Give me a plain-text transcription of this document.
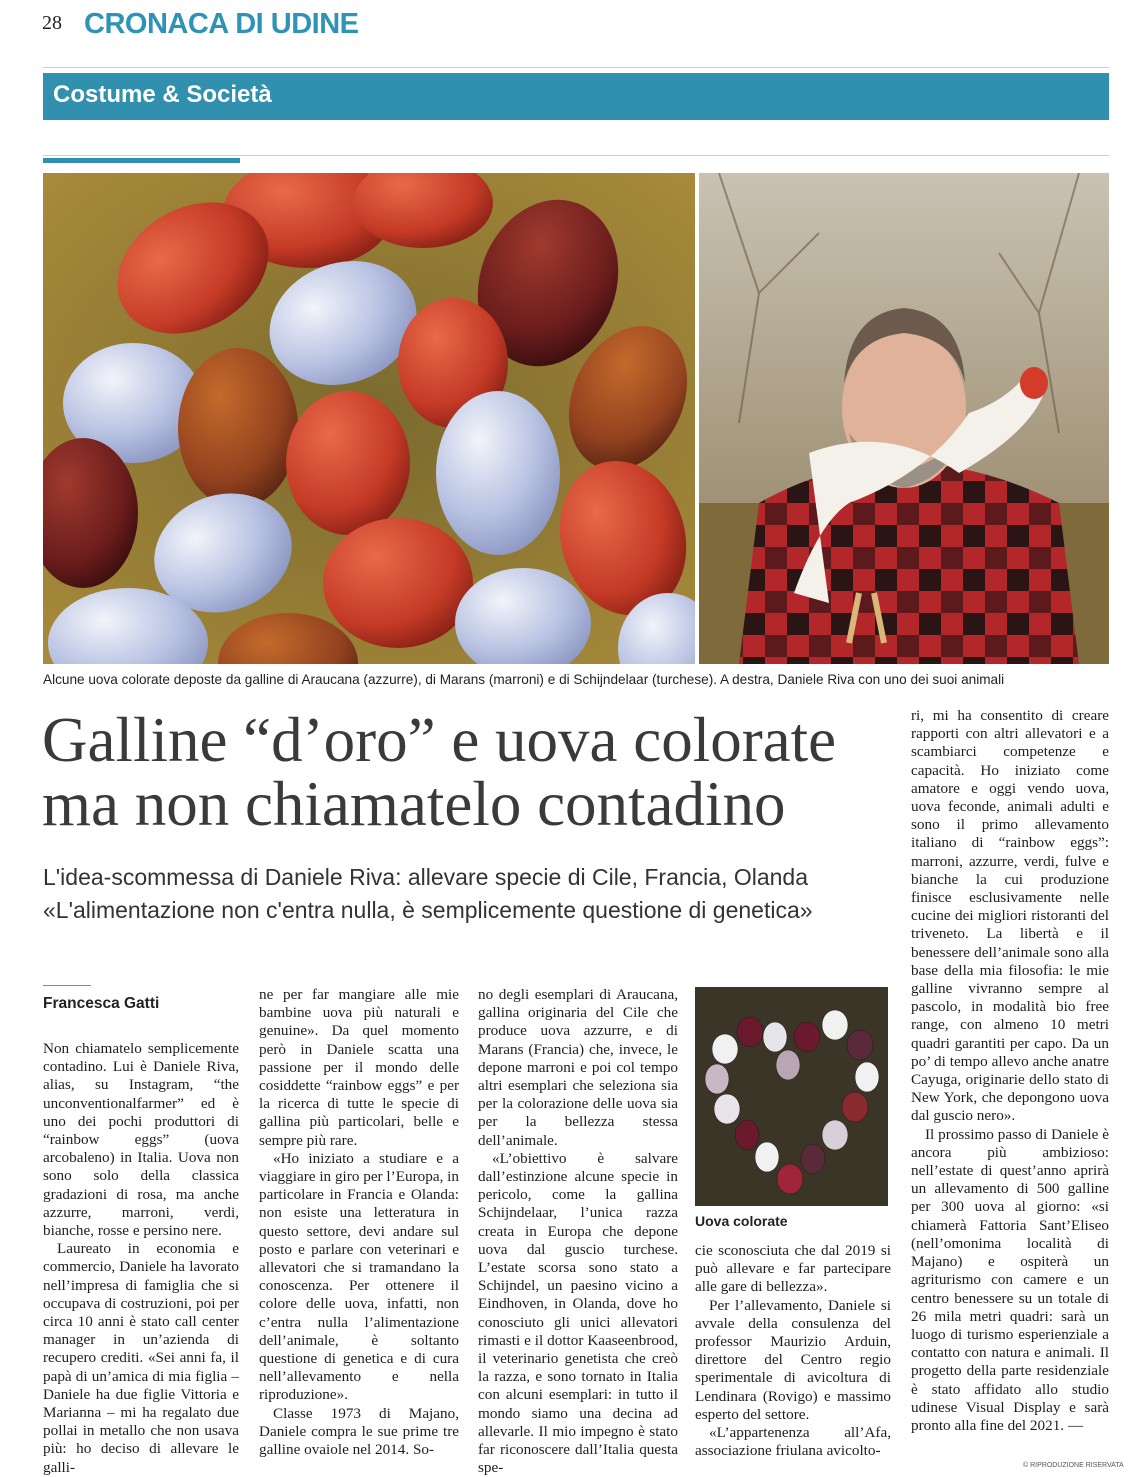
28 CRONACA DI UDINE
Costume & Società
Alcune uova colorate deposte da galline di Araucana (azzurre), di Marans (marroni) e di Schijndelaar (turchese). A destra, Daniele Riva con uno dei suoi animali
Galline “d’oro” e uova colorate
ma non chiamatelo contadino
L'idea-scommessa di Daniele Riva: allevare specie di Cile, Francia, Olanda
«L'alimentazione non c'entra nulla, è semplicemente questione di genetica»
Francesca Gatti

Non chiamatelo semplicemente contadino. Lui è Daniele Riva, alias, su Instagram, “the unconventionalfarmer” ed è uno dei pochi produttori di “rainbow eggs” (uova arcobaleno) in Italia. Uova non sono solo della classica gradazioni di rosa, ma anche azzurre, marroni, verdi, bianche, rosse e persino nere.

Laureato in economia e commercio, Daniele ha lavorato nell’impresa di famiglia che si occupava di costruzioni, poi per circa 10 anni è stato call center manager in un’azienda di recupero crediti. «Sei anni fa, il papà di un’amica di mia figlia – Daniele ha due figlie Vittoria e Marianna – mi ha regalato due pollai in metallo che non usava più: ho deciso di allevare le galli-

ne per far mangiare alle mie bambine uova più naturali e genuine». Da quel momento però in Daniele scatta una passione per il mondo delle cosiddette “rainbow eggs” e per la ricerca di tutte le specie di gallina più particolari, belle e sempre più rare.

«Ho iniziato a studiare e a viaggiare in giro per l’Europa, in particolare in Francia e Olanda: non esiste una letteratura in questo settore, devi andare sul posto e parlare con veterinari e allevatori che si tramandano la conoscenza. Per ottenere il colore delle uova, infatti, non c’entra nulla l’alimentazione dell’animale, è soltanto questione di genetica e di cura nell’allevamento e nella riproduzione».

Classe 1973 di Majano, Daniele compra le sue prime tre galline ovaiole nel 2014. So-

no degli esemplari di Araucana, gallina originaria del Cile che produce uova azzurre, e di Marans (Francia) che, invece, le depone marroni e poi col tempo altri esemplari che seleziona sia per la colorazione delle uova sia per la bellezza stessa dell’animale.

«L’obiettivo è salvare dall’estinzione alcune specie in pericolo, come la gallina Schijndelaar, l’unica razza creata in Europa che depone uova dal guscio turchese. L’estate scorsa sono stato a Schijndel, un paesino vicino a Eindhoven, in Olanda, dove ho conosciuto gli unici allevatori rimasti e il dottor Kaaseenbrood, il veterinario genetista che creò la razza, e sono tornato in Italia con alcuni esemplari: in tutto il mondo siamo una decina ad allevarle. Il mio impegno è stato far riconoscere dall’Italia questa spe-

Uova colorate

cie sconosciuta che dal 2019 si può allevare e far partecipare alle gare di bellezza».

Per l’allevamento, Daniele si avvale della consulenza del professor Maurizio Arduin, direttore del Centro regio sperimentale di avicoltura di Lendinara (Rovigo) e massimo esperto del settore.

«L’appartenenza all’Afa, associazione friulana avicolto-

ri, mi ha consentito di creare rapporti con altri allevatori e a scambiarci competenze e capacità. Ho iniziato come amatore e oggi vendo uova, uova feconde, animali adulti e sono il primo allevamento italiano di “rainbow eggs”: marroni, azzurre, verdi, fulve e bianche la cui produzione finisce esclusivamente nelle cucine dei migliori ristoranti del triveneto. La libertà e il benessere dell’animale sono alla base della mia filosofia: le mie galline vivranno sempre al pascolo, in modalità bio free range, con almeno 10 metri quadri garantiti per capo. Da un po’ di tempo allevo anche anatre Cayuga, originarie dello stato di New York, che depongono uova dal guscio nero».

Il prossimo passo di Daniele è ancora più ambizioso: nell’estate di quest’anno aprirà un allevamento di 500 galline per 300 uova al giorno: «si chiamerà Fattoria Sant’Eliseo (nell’omonima località di Majano) e ospiterà un agriturismo con camere e un centro benessere su un totale di 26 mila metri quadri: sarà un luogo di turismo esperienziale a contatto con natura e animali. Il progetto della parte residenziale è stato affidato allo studio udinese Visual Display e sarà pronto alla fine del 2021. —

© RIPRODUZIONE RISERVATA
